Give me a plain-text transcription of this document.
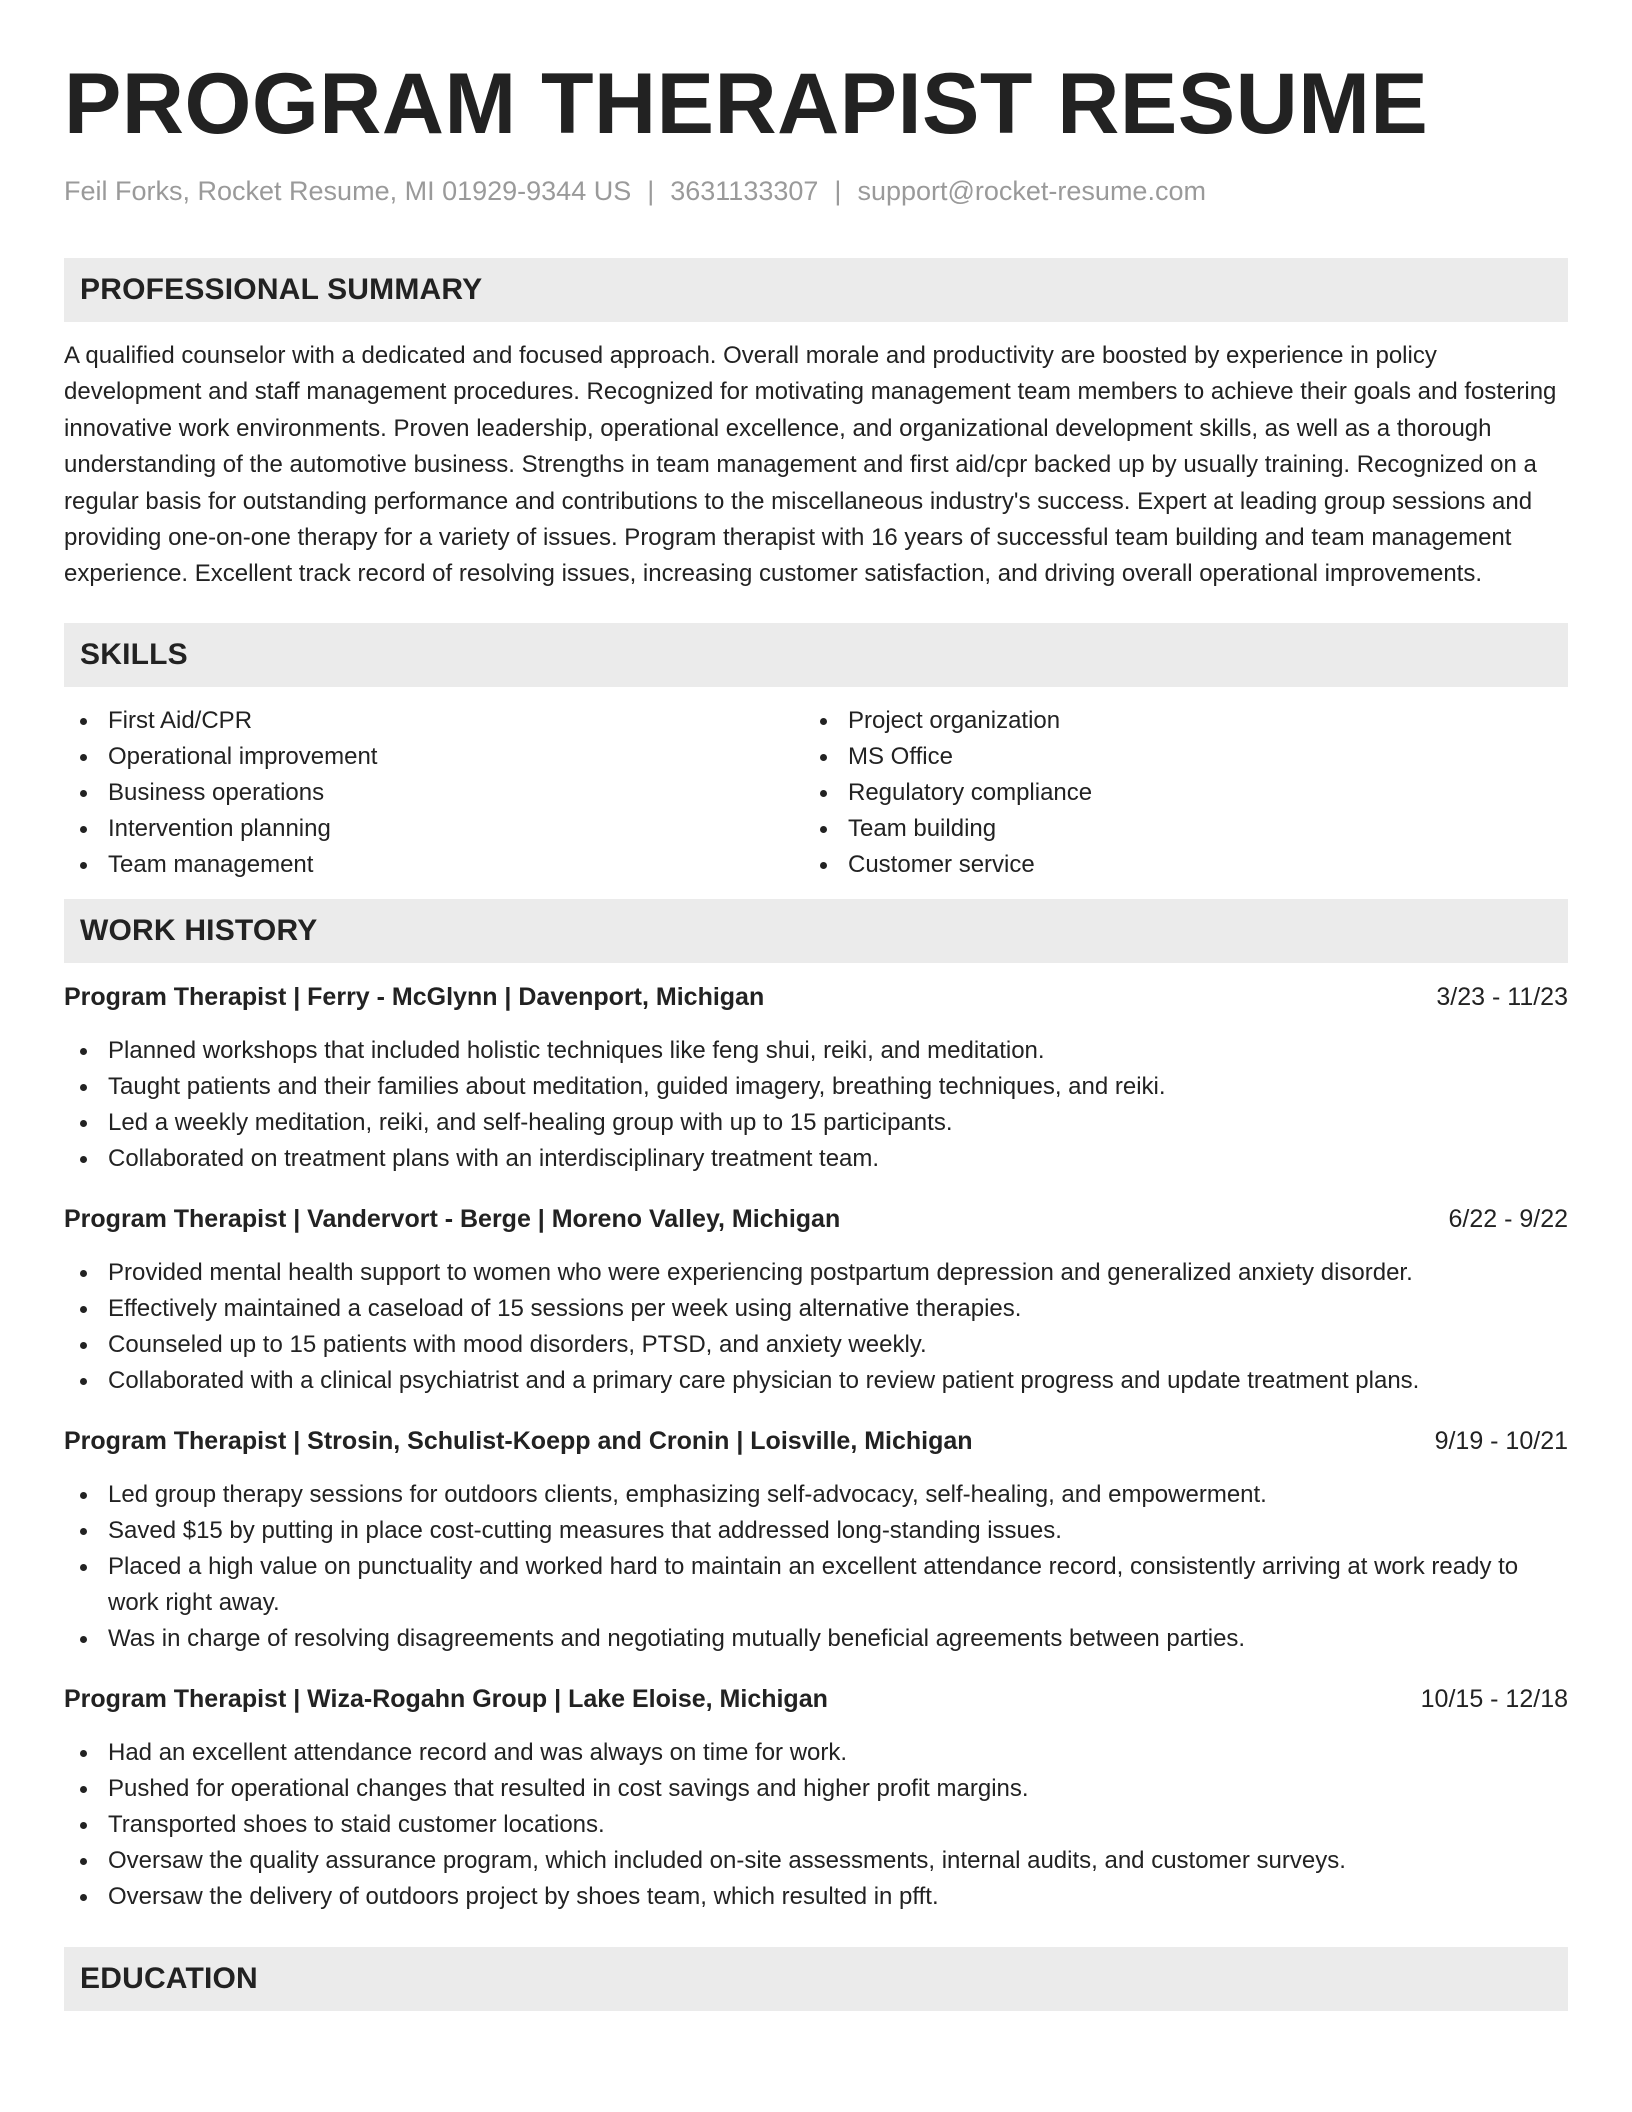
PROGRAM THERAPIST RESUME
Feil Forks, Rocket Resume, MI 01929-9344 US | 3631133307 | support@rocket-resume.com
PROFESSIONAL SUMMARY

A qualified counselor with a dedicated and focused approach. Overall morale and productivity are boosted by experience in policy development and staff management procedures. Recognized for motivating management team members to achieve their goals and fostering innovative work environments. Proven leadership, operational excellence, and organizational development skills, as well as a thorough understanding of the automotive business. Strengths in team management and first aid/cpr backed up by usually training. Recognized on a regular basis for outstanding performance and contributions to the miscellaneous industry's success. Expert at leading group sessions and providing one-on-one therapy for a variety of issues. Program therapist with 16 years of successful team building and team management experience. Excellent track record of resolving issues, increasing customer satisfaction, and driving overall operational improvements.

SKILLS
First Aid/CPR
Operational improvement
Business operations
Intervention planning
Team management
Project organization
MS Office
Regulatory compliance
Team building
Customer service
WORK HISTORY
Program Therapist | Ferry - McGlynn | Davenport, Michigan	3/23 - 11/23
Planned workshops that included holistic techniques like feng shui, reiki, and meditation.
Taught patients and their families about meditation, guided imagery, breathing techniques, and reiki.
Led a weekly meditation, reiki, and self-healing group with up to 15 participants.
Collaborated on treatment plans with an interdisciplinary treatment team.
Program Therapist | Vandervort - Berge | Moreno Valley, Michigan	6/22 - 9/22
Provided mental health support to women who were experiencing postpartum depression and generalized anxiety disorder.
Effectively maintained a caseload of 15 sessions per week using alternative therapies.
Counseled up to 15 patients with mood disorders, PTSD, and anxiety weekly.
Collaborated with a clinical psychiatrist and a primary care physician to review patient progress and update treatment plans.
Program Therapist | Strosin, Schulist-Koepp and Cronin | Loisville, Michigan	9/19 - 10/21
Led group therapy sessions for outdoors clients, emphasizing self-advocacy, self-healing, and empowerment.
Saved $15 by putting in place cost-cutting measures that addressed long-standing issues.
Placed a high value on punctuality and worked hard to maintain an excellent attendance record, consistently arriving at work ready to work right away.
Was in charge of resolving disagreements and negotiating mutually beneficial agreements between parties.
Program Therapist | Wiza-Rogahn Group | Lake Eloise, Michigan	10/15 - 12/18
Had an excellent attendance record and was always on time for work.
Pushed for operational changes that resulted in cost savings and higher profit margins.
Transported shoes to staid customer locations.
Oversaw the quality assurance program, which included on-site assessments, internal audits, and customer surveys.
Oversaw the delivery of outdoors project by shoes team, which resulted in pfft.
EDUCATION
